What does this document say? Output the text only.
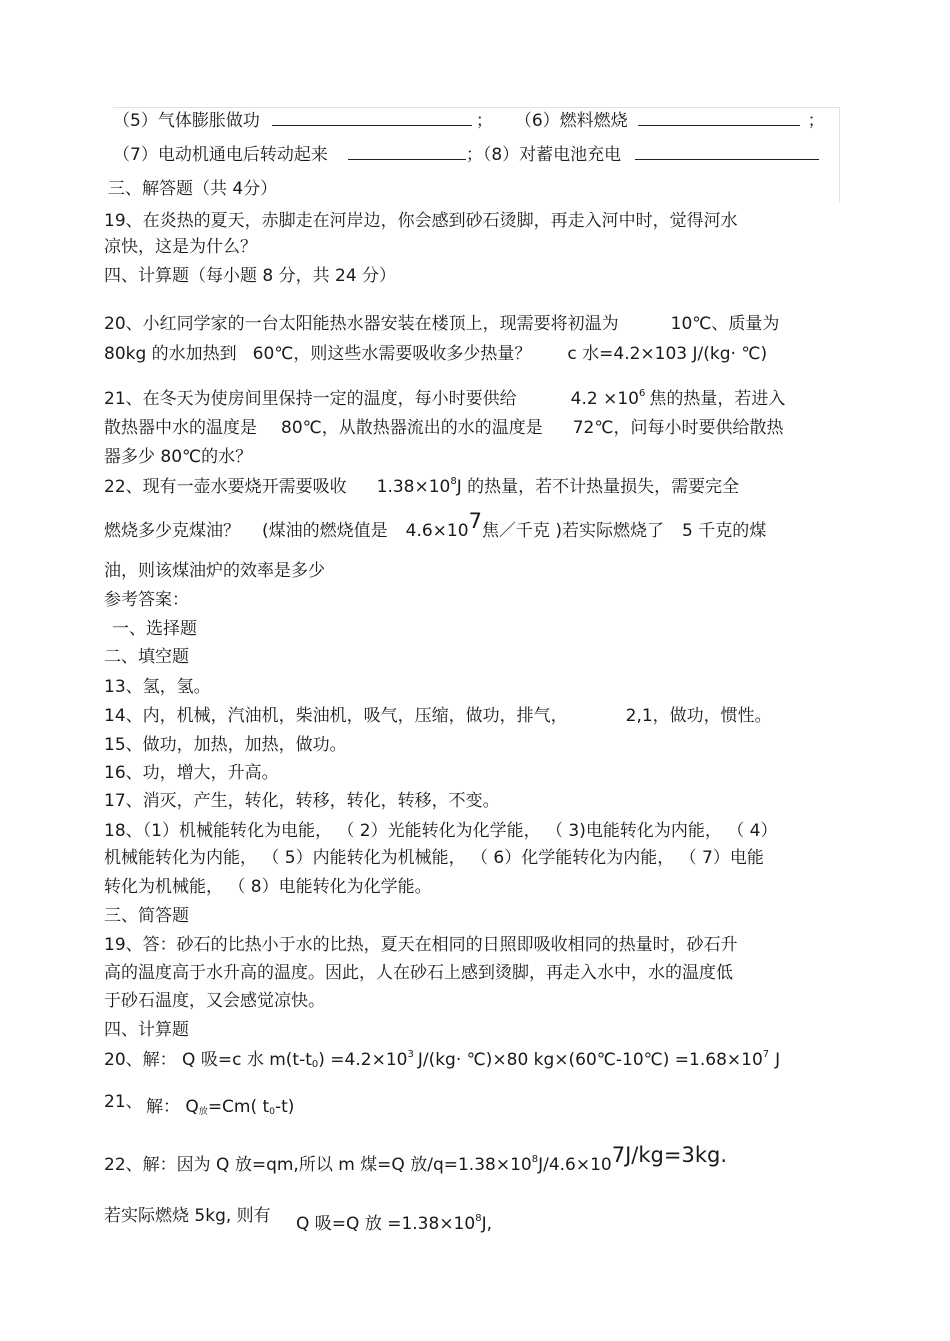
（5）气体膨胀做功	； （6）燃料燃烧	；
（7）电动机通电后转动起来	；（8）对蓄电池充电
三、解答题（共 4分）
19、在炎热的夏天，赤脚走在河岸边，你会感到砂石烫脚，再走入河中时，觉得河水
凉快，这是为什么？
四、计算题（每小题 8 分，共 24 分）
20、小红同学家的一台太阳能热水器安装在楼顶上，现需要将初温为	10℃、质量为
80kg 的水加热到 60℃，则这些水需要吸收多少热量？ c 水=4.2×103 J/(kg· ℃)
21、在冬天为使房间里保持一定的温度，每小时要供给	$4.2 \times 10^6$ 焦的热量，若进入
散热器中水的温度是 80℃，从散热器流出的水的温度是 72℃，问每小时要供给散热
器多少 80℃的水？
22、现有一壶水要烧开需要吸收 $1.38\times 10^8J$ 的热量，若不计热量损失，需要完全
燃烧多少克煤油？ (煤油的燃烧值是 $4.6\times 10^7$焦／千克 )若实际燃烧了 5 千克的煤
油，则该煤油炉的效率是多少
参考答案：
一、选择题
二、填空题
13、氢，氢。
14、内，机械，汽油机，柴油机，吸气，压缩，做功，排气，	2,1，做功，惯性。
15、做功，加热，加热，做功。
16、功，增大，升高。
17、消灭，产生，转化，转移，转化，转移，不变。
18、（1）机械能转化为电能， （ 2）光能转化为化学能， （ 3)电能转化为内能， （ 4）
机械能转化为内能， （ 5）内能转化为机械能， （ 6）化学能转化为内能， （ 7）电能
转化为机械能， （ 8）电能转化为化学能。
三、简答题
19、答：砂石的比热小于水的比热，夏天在相同的日照即吸收相同的热量时，砂石升
高的温度高于水升高的温度。因此，人在砂石上感到烫脚，再走入水中，水的温度低
于砂石温度，又会感觉凉快。
四、计算题
20、解： Q 吸=c 水 $m(t-t_0) =4.2\times 10^3$ J/(kg· ℃)×80 kg×(60℃-10℃) $=1.68\times 10^7$ J
21、 解： $Q_放=Cm$( $t_0-t$)
22、解：因为 Q 放=qm,所以 m 煤=Q 放$/q=1.38\times 10^8J/4.6\times 10^{7J/kg=3kg.}$
若实际燃烧 5kg, 则有 Q 吸=Q 放 $=1.38\times 10^8J$,
